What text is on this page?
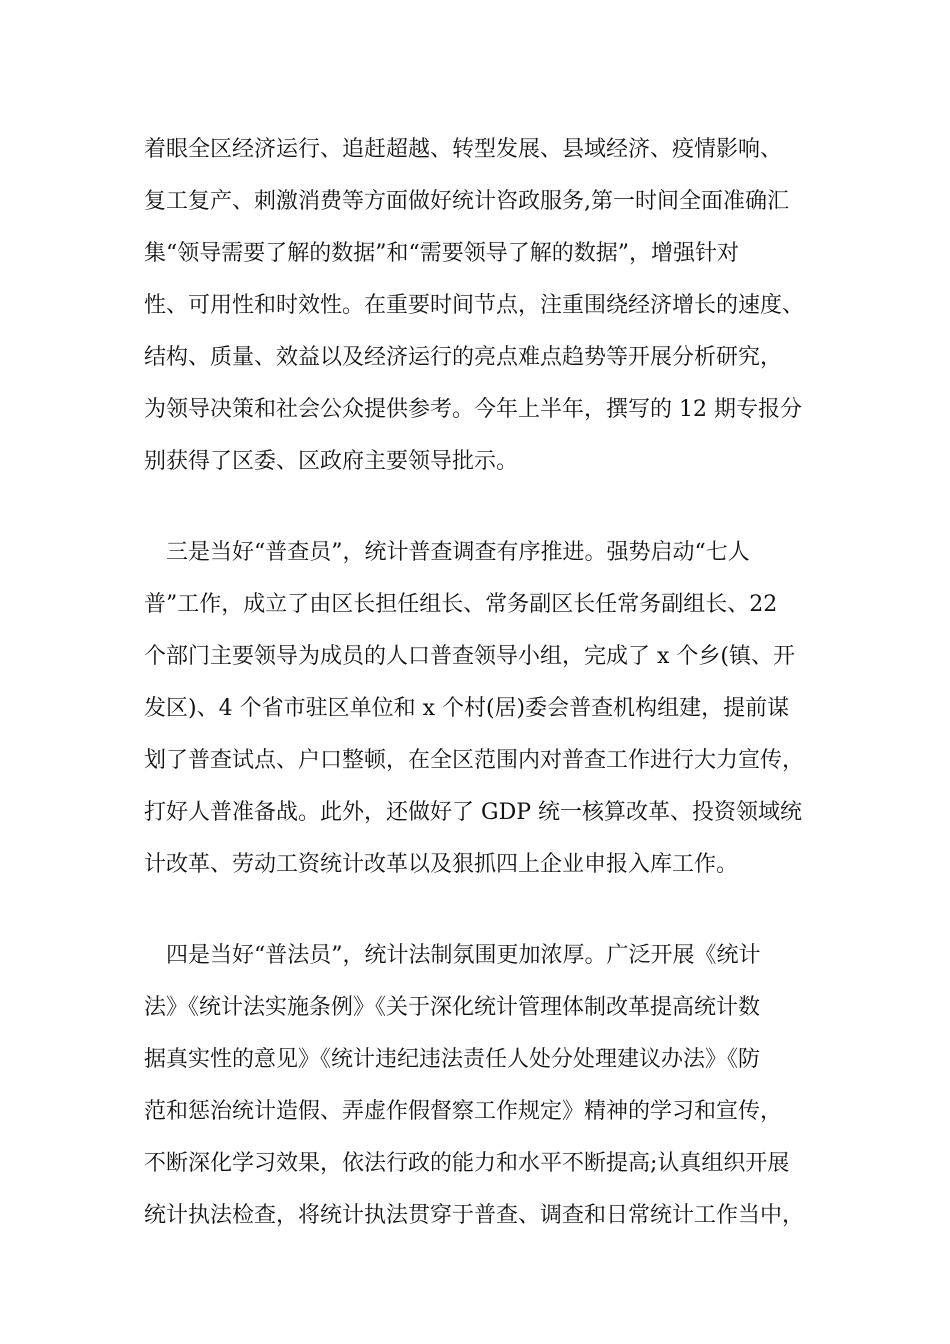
着眼全区经济运行、追赶超越、转型发展、县域经济、疫情影响、
复工复产、刺激消费等方面做好统计咨政服务,第一时间全面准确汇
集“领导需要了解的数据”和“需要领导了解的数据”，增强针对
性、可用性和时效性。在重要时间节点，注重围绕经济增长的速度、
结构、质量、效益以及经济运行的亮点难点趋势等开展分析研究，
为领导决策和社会公众提供参考。今年上半年，撰写的 12 期专报分
别获得了区委、区政府主要领导批示。
　三是当好“普查员”，统计普查调查有序推进。强势启动“七人
普”工作，成立了由区长担任组长、常务副区长任常务副组长、22
个部门主要领导为成员的人口普查领导小组，完成了 x 个乡(镇、开
发区)、4 个省市驻区单位和 x 个村(居)委会普查机构组建，提前谋
划了普查试点、户口整顿，在全区范围内对普查工作进行大力宣传，
打好人普准备战。此外，还做好了 GDP 统一核算改革、投资领域统
计改革、劳动工资统计改革以及狠抓四上企业申报入库工作。
　四是当好“普法员”，统计法制氛围更加浓厚。广泛开展《统计
法》《统计法实施条例》《关于深化统计管理体制改革提高统计数
据真实性的意见》《统计违纪违法责任人处分处理建议办法》《防
范和惩治统计造假、弄虚作假督察工作规定》精神的学习和宣传，
不断深化学习效果，依法行政的能力和水平不断提高;认真组织开展
统计执法检查，将统计执法贯穿于普查、调查和日常统计工作当中，
